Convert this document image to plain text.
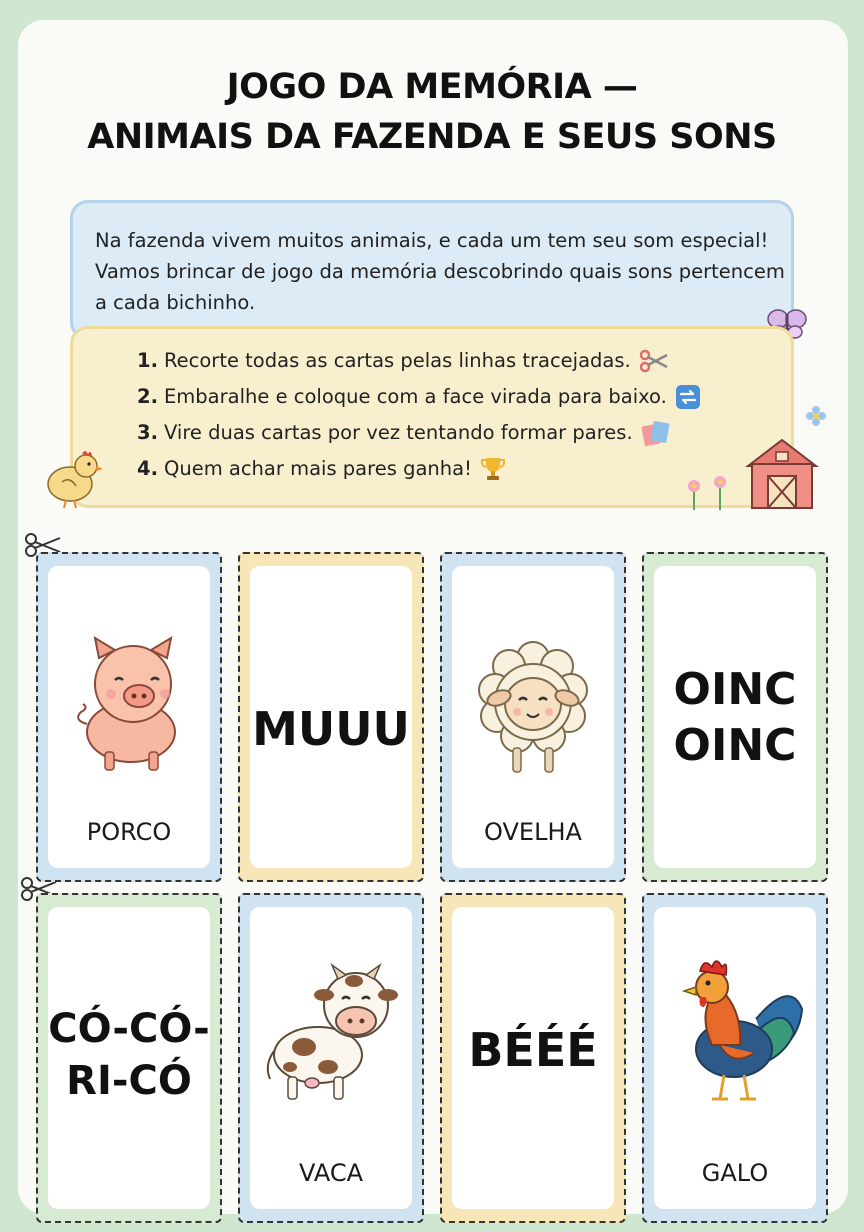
JOGO DA MEMÓRIA —
ANIMAIS DA FAZENDA E SEUS SONS
Na fazenda vivem muitos animais, e cada um tem seu som especial! Vamos brincar de jogo da memória descobrindo quais sons pertencem a cada bichinho.
1. Recorte todas as cartas pelas linhas tracejadas.
2. Embaralhe e coloque com a face virada para baixo.
3. Vire duas cartas por vez tentando formar pares.
4. Quem achar mais pares ganha!
PORCO
MUUU
OVELHA
OINC
OINC
CÓ-CÓ-
RI-CÓ
VACA
BÉÉÉ
GALO
